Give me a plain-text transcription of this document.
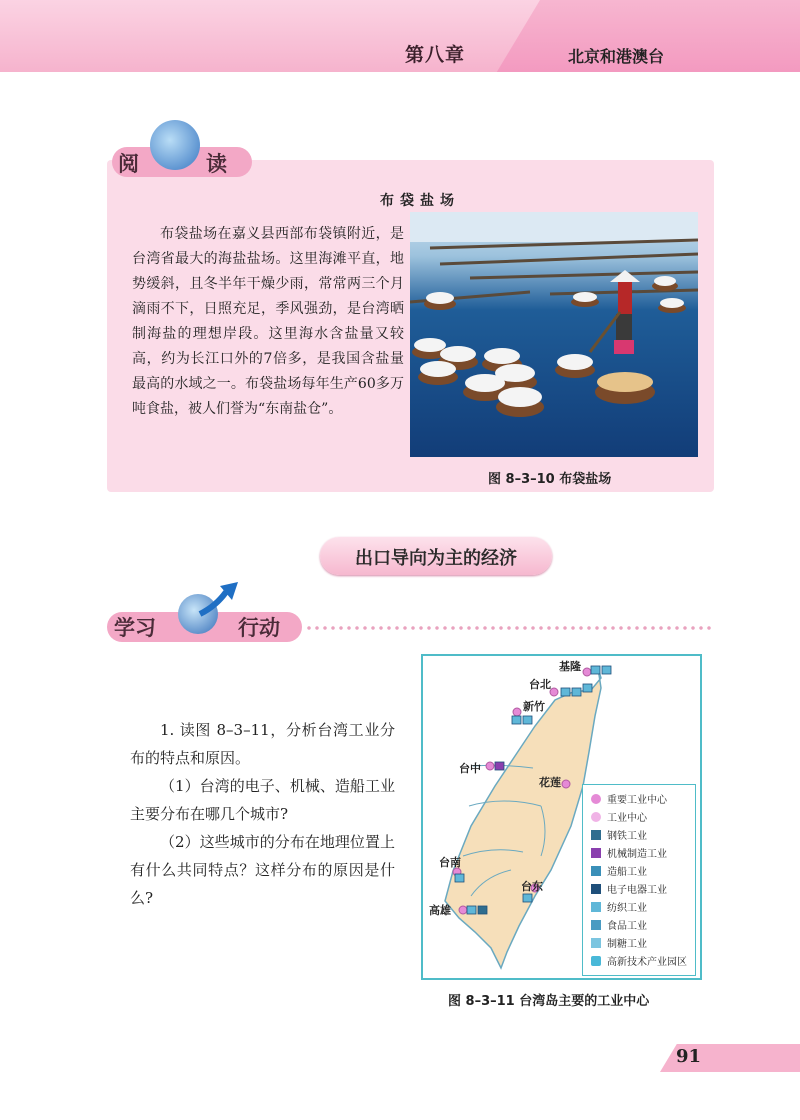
第八章	北京和港澳台
阅	读
布袋盐场
布袋盐场在嘉义县西部布袋镇附近，是台湾省最大的海盐盐场。这里海滩平直，地势缓斜，且冬半年干燥少雨，常常两三个月滴雨不下，日照充足，季风强劲，是台湾晒制海盐的理想岸段。这里海水含盐量又较高，约为长江口外的7倍多，是我国含盐量最高的水域之一。布袋盐场每年生产60多万吨食盐，被人们誉为“东南盐仓”。
图 8–3–10 布袋盐场
出口导向为主的经济
学习	行动
1. 读图 8–3–11，分析台湾工业分布的特点和原因。
（1）台湾的电子、机械、造船工业主要分布在哪几个城市?
（2）这些城市的分布在地理位置上有什么共同特点？这样分布的原因是什么?
基隆
台北
新竹
台中
花莲
台南
台东
高雄
重要工业中心
工业中心
钢铁工业
机械制造工业
造船工业
电子电器工业
纺织工业
食品工业
制糖工业
高新技术产业园区
图 8–3–11 台湾岛主要的工业中心
91
